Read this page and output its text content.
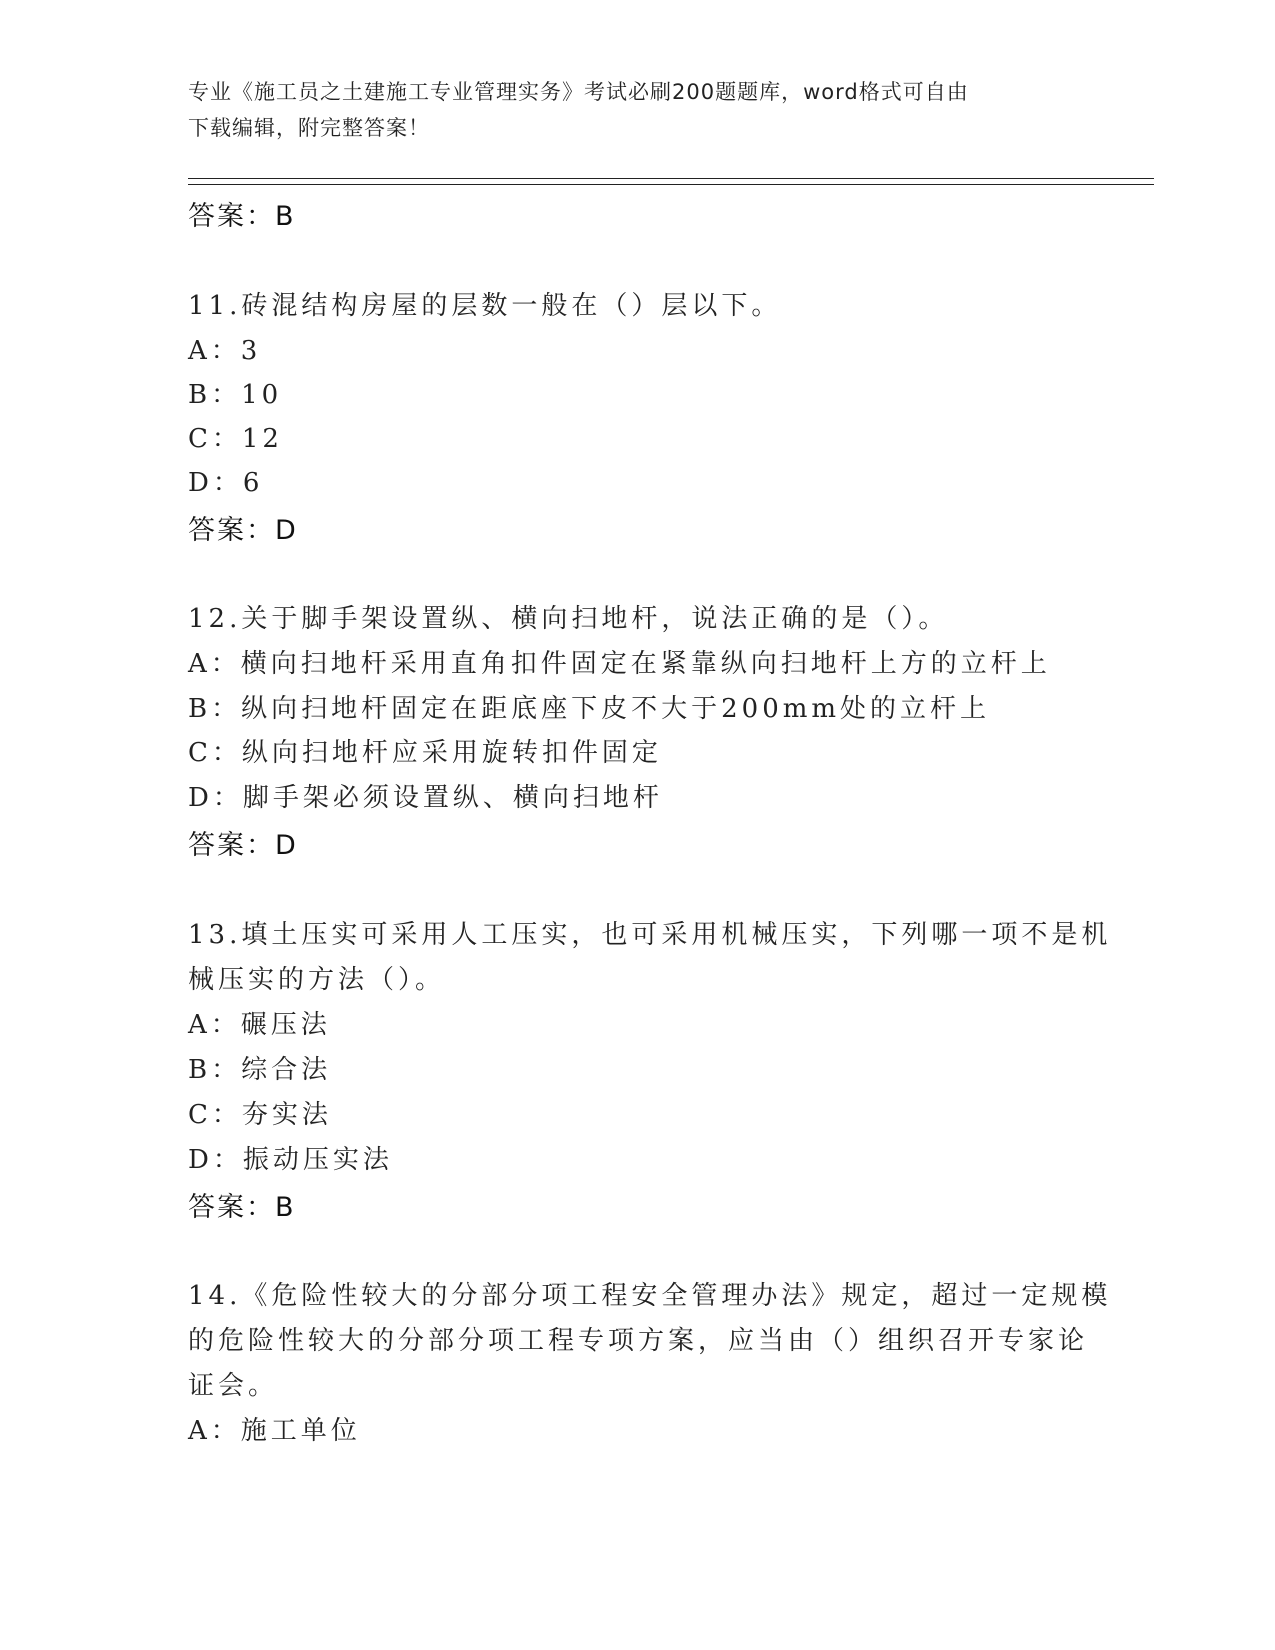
专业《施工员之土建施工专业管理实务》考试必刷200题题库，word格式可自由
下载编辑，附完整答案！
答案：B
11.砖混结构房屋的层数一般在（）层以下。
A：3
B：10
C：12
D：6
答案：D
12.关于脚手架设置纵、横向扫地杆，说法正确的是（）。
A：横向扫地杆采用直角扣件固定在紧靠纵向扫地杆上方的立杆上
B：纵向扫地杆固定在距底座下皮不大于200mm处的立杆上
C：纵向扫地杆应采用旋转扣件固定
D：脚手架必须设置纵、横向扫地杆
答案：D
13.填土压实可采用人工压实，也可采用机械压实，下列哪一项不是机
械压实的方法（）。
A：碾压法
B：综合法
C：夯实法
D：振动压实法
答案：B
14.《危险性较大的分部分项工程安全管理办法》规定，超过一定规模
的危险性较大的分部分项工程专项方案，应当由（）组织召开专家论
证会。
A：施工单位
